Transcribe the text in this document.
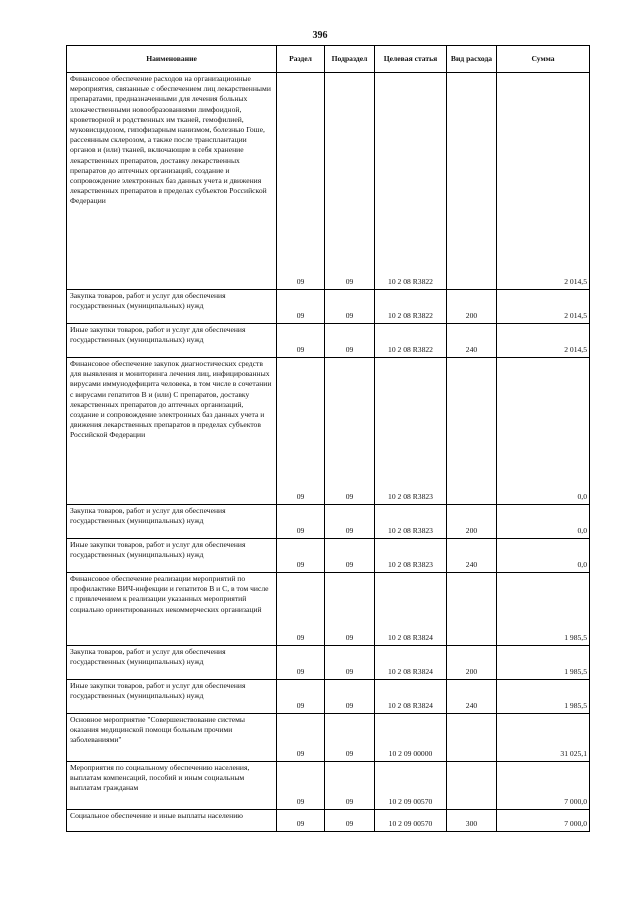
396
Наименование	Раздел	Подраздел	Целевая статья	Вид расхода	Сумма
Финансовое обеспечение расходов на организационные мероприятия, связанные с обеспечением лиц лекарственными препаратами, предназначенными для лечения больных злокачественными новообразованиями лимфоидной, кроветворной и родственных им тканей, гемофилией, муковисцидозом, гипофизарным нанизмом, болезнью Гоше, рассеянным склерозом, а также после трансплантации органов и (или) тканей, включающие в себя хранение лекарственных препаратов, доставку лекарственных препаратов до аптечных организаций, создание и сопровождение электронных баз данных учета и движения лекарственных препаратов в пределах субъектов Российской Федерации	09	09	10 2 08 R3822		2 014,5
Закупка товаров, работ и услуг для обеспечения государственных (муниципальных) нужд	09	09	10 2 08 R3822	200	2 014,5
Иные закупки товаров, работ и услуг для обеспечения государственных (муниципальных) нужд	09	09	10 2 08 R3822	240	2 014,5
Финансовое обеспечение закупок диагностических средств для выявления и мониторинга лечения лиц, инфицированных вирусами иммунодефицита человека, в том числе в сочетании с вирусами гепатитов B и (или) C препаратов, доставку лекарственных препаратов до аптечных организаций, создание и сопровождение электронных баз данных учета и движения лекарственных препаратов в пределах субъектов Российской Федерации	09	09	10 2 08 R3823		0,0
Закупка товаров, работ и услуг для обеспечения государственных (муниципальных) нужд	09	09	10 2 08 R3823	200	0,0
Иные закупки товаров, работ и услуг для обеспечения государственных (муниципальных) нужд	09	09	10 2 08 R3823	240	0,0
Финансовое обеспечение реализации мероприятий по профилактике ВИЧ-инфекции и гепатитов B и C, в том числе с привлечением к реализации указанных мероприятий социально ориентированных некоммерческих организаций	09	09	10 2 08 R3824		1 985,5
Закупка товаров, работ и услуг для обеспечения государственных (муниципальных) нужд	09	09	10 2 08 R3824	200	1 985,5
Иные закупки товаров, работ и услуг для обеспечения государственных (муниципальных) нужд	09	09	10 2 08 R3824	240	1 985,5
Основное мероприятие "Совершенствование системы оказания медицинской помощи больным прочими заболеваниями"	09	09	10 2 09 00000		31 025,1
Мероприятия по социальному обеспечению населения, выплатам компенсаций, пособий и иным социальным выплатам гражданам	09	09	10 2 09 00570		7 000,0
Социальное обеспечение и иные выплаты населению	09	09	10 2 09 00570	300	7 000,0
